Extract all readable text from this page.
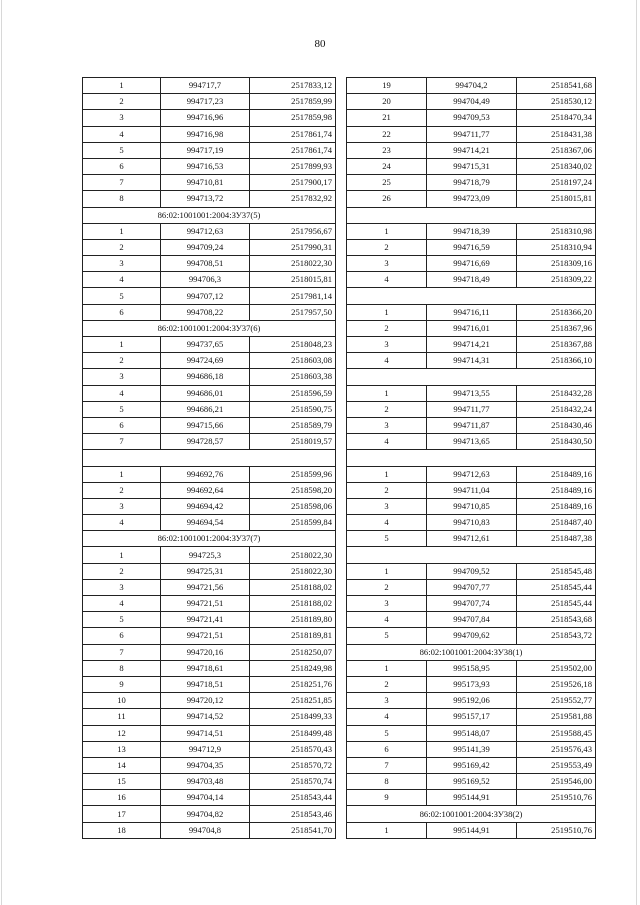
80
1	994717,7	2517833,12
2	994717,23	2517859,99
3	994716,96	2517859,98
4	994716,98	2517861,74
5	994717,19	2517861,74
6	994716,53	2517899,93
7	994710,81	2517900,17
8	994713,72	2517832,92
86:02:1001001:2004:ЗУ37(5)		
1	994712,63	2517956,67
2	994709,24	2517990,31
3	994708,51	2518022,30
4	994706,3	2518015,81
5	994707,12	2517981,14
6	994708,22	2517957,50
86:02:1001001:2004:ЗУ37(6)		
1	994737,65	2518048,23
2	994724,69	2518603,08
3	994686,18	2518603,38
4	994686,01	2518596,59
5	994686,21	2518590,75
6	994715,66	2518589,79
7	994728,57	2518019,57

1	994692,76	2518599,96
2	994692,64	2518598,20
3	994694,42	2518598,06
4	994694,54	2518599,84
86:02:1001001:2004:ЗУ37(7)		
1	994725,3	2518022,30
2	994725,31	2518022,30
3	994721,56	2518188,02
4	994721,51	2518188,02
5	994721,41	2518189,80
6	994721,51	2518189,81
7	994720,16	2518250,07
8	994718,61	2518249,98
9	994718,51	2518251,76
10	994720,12	2518251,85
11	994714,52	2518499,33
12	994714,51	2518499,48
13	994712,9	2518570,43
14	994704,35	2518570,72
15	994703,48	2518570,74
16	994704,14	2518543,44
17	994704,82	2518543,46
18	994704,8	2518541,70
19	994704,2	2518541,68
20	994704,49	2518530,12
21	994709,53	2518470,34
22	994711,77	2518431,38
23	994714,21	2518367,06
24	994715,31	2518340,02
25	994718,79	2518197,24
26	994723,09	2518015,81

1	994718,39	2518310,98
2	994716,59	2518310,94
3	994716,69	2518309,16
4	994718,49	2518309,22

1	994716,11	2518366,20
2	994716,01	2518367,96
3	994714,21	2518367,88
4	994714,31	2518366,10

1	994713,55	2518432,28
2	994711,77	2518432,24
3	994711,87	2518430,46
4	994713,65	2518430,50

1	994712,63	2518489,16
2	994711,04	2518489,16
3	994710,85	2518489,16
4	994710,83	2518487,40
5	994712,61	2518487,38

1	994709,52	2518545,48
2	994707,77	2518545,44
3	994707,74	2518545,44
4	994707,84	2518543,68
5	994709,62	2518543,72
86:02:1001001:2004:ЗУ38(1)		
1	995158,95	2519502,00
2	995173,93	2519526,18
3	995192,06	2519552,77
4	995157,17	2519581,88
5	995148,07	2519588,45
6	995141,39	2519576,43
7	995169,42	2519553,49
8	995169,52	2519546,00
9	995144,91	2519510,76
86:02:1001001:2004:ЗУ38(2)		
1	995144,91	2519510,76
